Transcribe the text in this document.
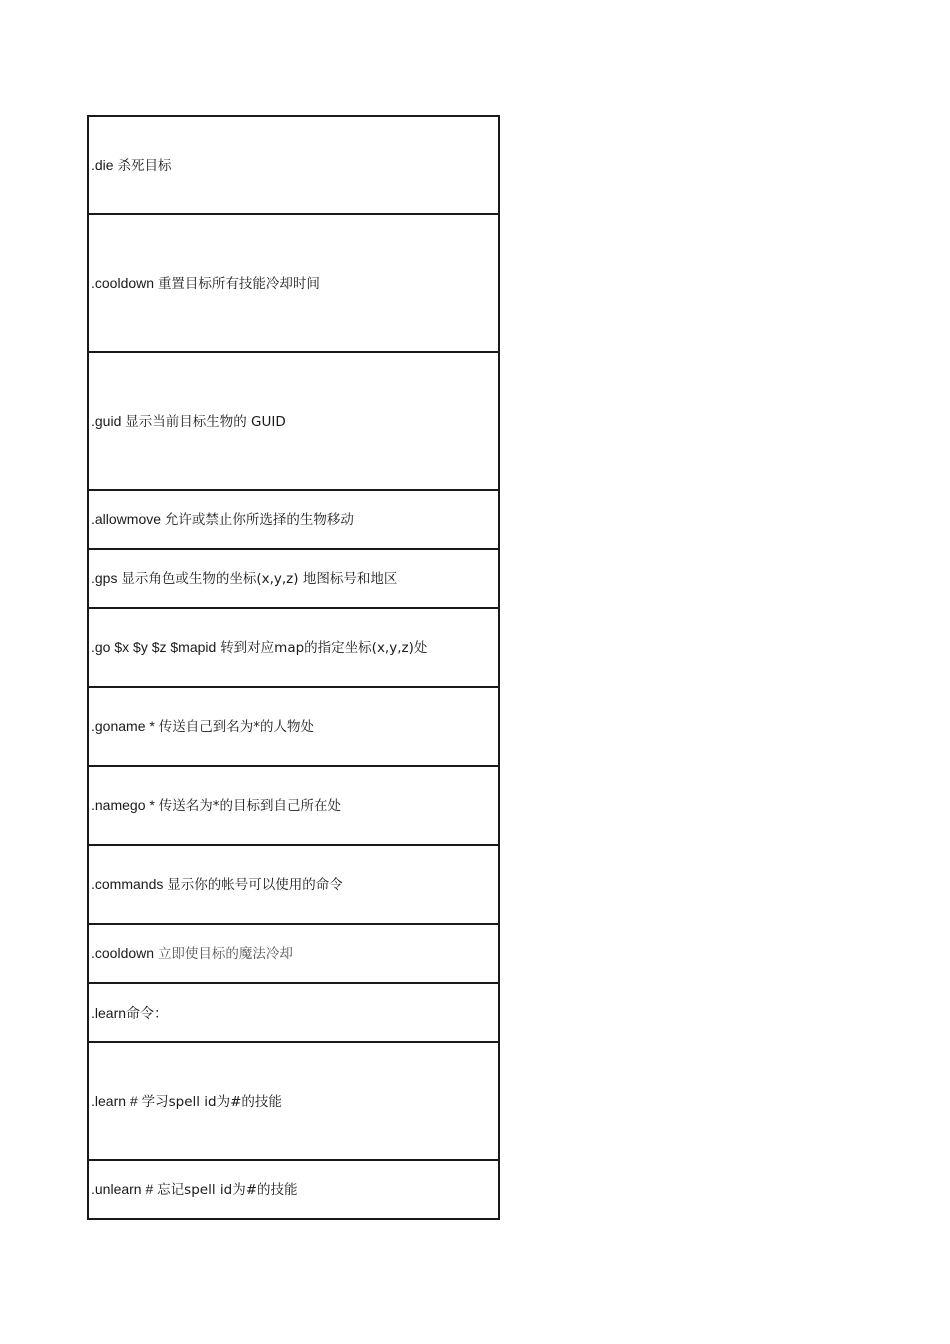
.die 杀死目标
.cooldown 重置目标所有技能冷却时间
.guid 显示当前目标生物的 GUID
.allowmove 允许或禁止你所选择的生物移动
.gps 显示角色或生物的坐标(x,y,z) 地图标号和地区
.go $x $y $z $mapid 转到对应map的指定坐标(x,y,z)处
.goname * 传送自己到名为*的人物处
.namego * 传送名为*的目标到自己所在处
.commands 显示你的帐号可以使用的命令
.cooldown 立即使目标的魔法冷却
.learn命令：
.learn # 学习spell id为#的技能
.unlearn # 忘记spell id为#的技能
